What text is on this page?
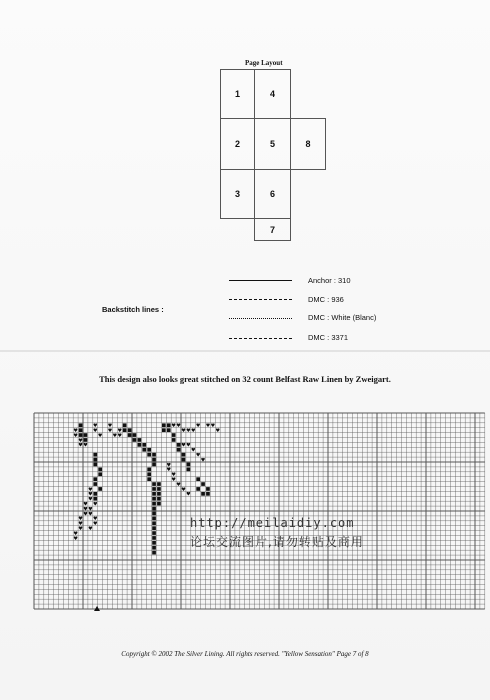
Page Layout
1	4
2	5	8
3	6
7
Backstitch lines :
Anchor : 310
DMC : 936
DMC : White (Blanc)
DMC : 3371
This design also looks great stitched on 32 count Belfast Raw Linen by Zweigart.
♥
♥
♥
♥ ♥
♥
♥
♥
♥
♥
♥
♥
♥
♥ ♥
♥ ♥ ♥
♥ ♥ ♥
♥
♥ ♥
♥
♥
♥
♥
♥
♥
♥
♥
♥
♥
♥
♥
♥
♥
♥
♥
♥
♥
♥
♥
♥
♥
♥
♥
♥
♥
♥
http://meilaidiy.com
论坛交流图片,请勿转贴及商用
Copyright © 2002 The Silver Lining. All rights reserved. "Yellow Sensation" Page 7 of 8
